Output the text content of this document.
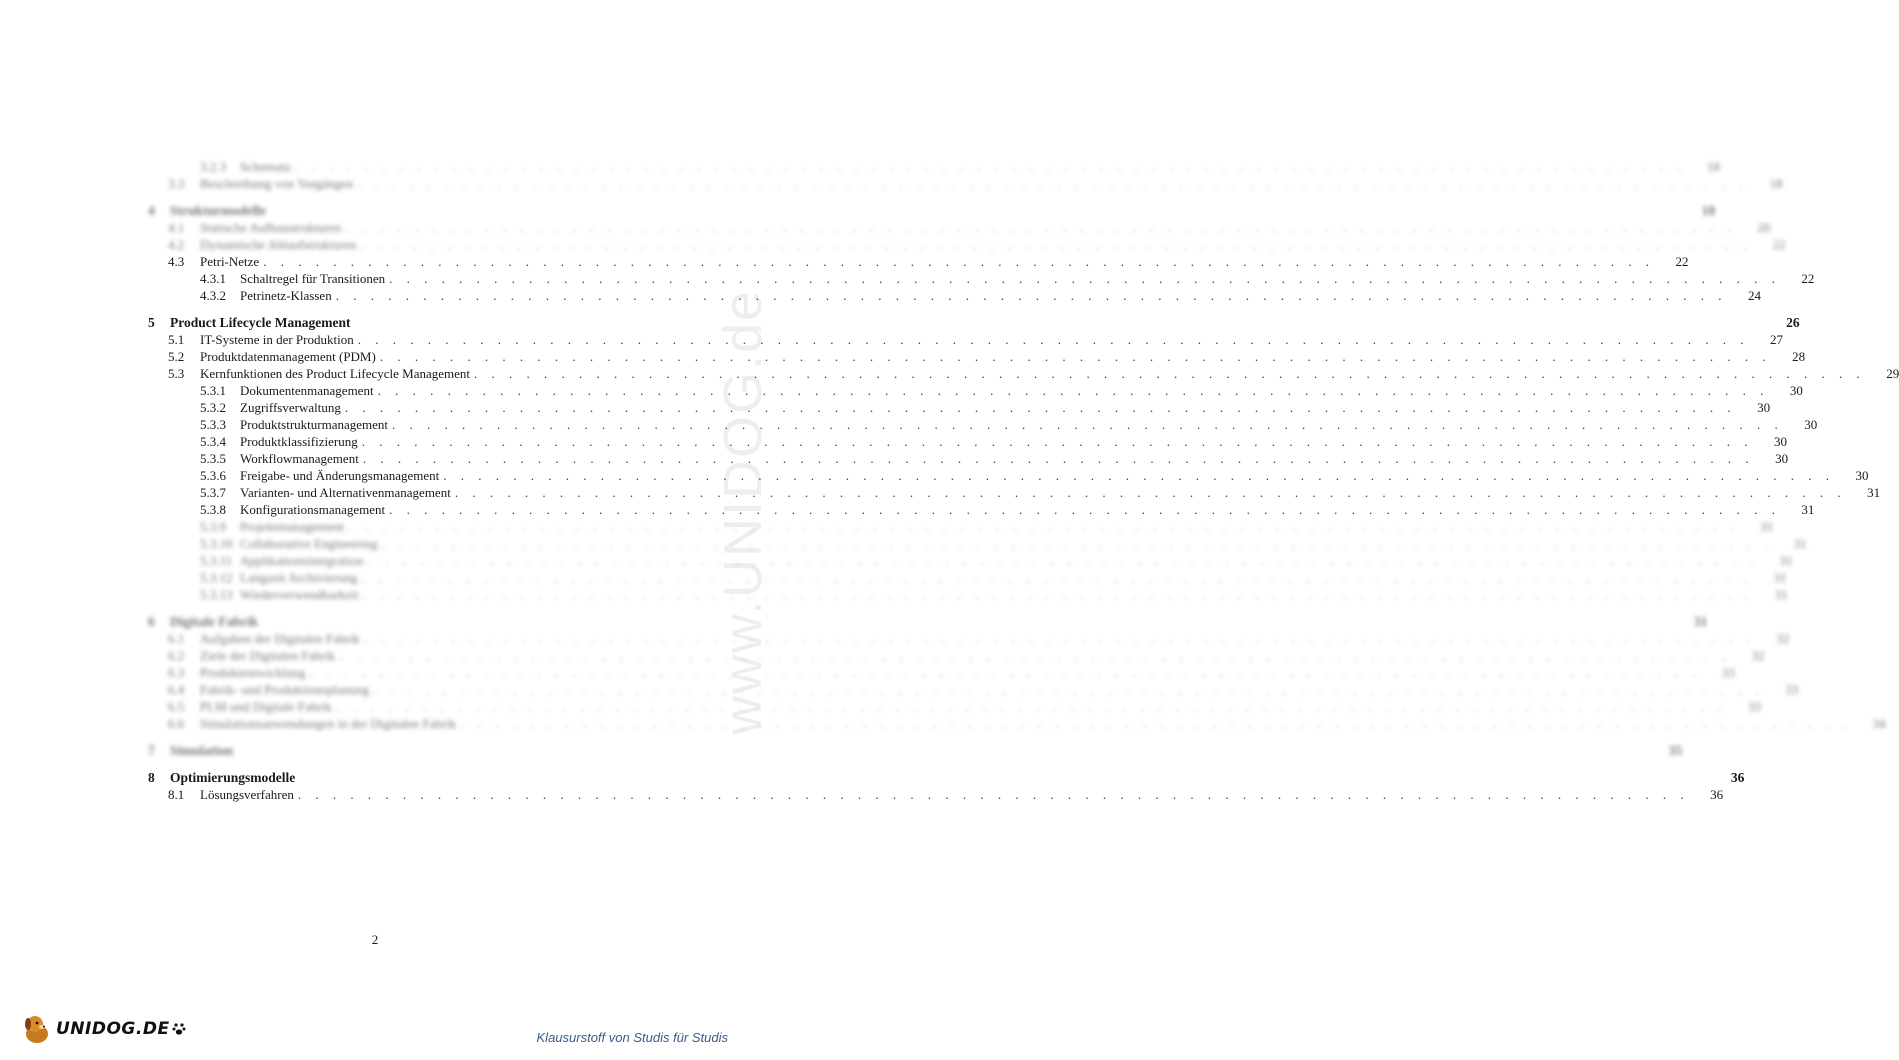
www.UNIDOG.de
3.2.3	Schemata . . . . . . . . . . . . . . . . . . . . . . . . . . . . . . . . . . . . . . . . . . . . . . . . . . . . . . . . . . . . . . . . . . . . . . . . . . . . . . . .	18
3.3	Beschreibung von Vorgängen . . . . . . . . . . . . . . . . . . . . . . . . . . . . . . . . . . . . . . . . . . . . . . . . . . . . . . . . . . . . . . . . . . . . . . . . . . . . . . . .	18
4	Strukturmodelle	18
4.1	Statische Aufbaustrukturen . . . . . . . . . . . . . . . . . . . . . . . . . . . . . . . . . . . . . . . . . . . . . . . . . . . . . . . . . . . . . . . . . . . . . . . . . . . . . . . .	20
4.2	Dynamische Ablaufstrukturen . . . . . . . . . . . . . . . . . . . . . . . . . . . . . . . . . . . . . . . . . . . . . . . . . . . . . . . . . . . . . . . . . . . . . . . . . . . . . . . .	22
4.3	Petri-Netze . . . . . . . . . . . . . . . . . . . . . . . . . . . . . . . . . . . . . . . . . . . . . . . . . . . . . . . . . . . . . . . . . . . . . . . . . . . . . . . .	22
4.3.1	Schaltregel für Transitionen . . . . . . . . . . . . . . . . . . . . . . . . . . . . . . . . . . . . . . . . . . . . . . . . . . . . . . . . . . . . . . . . . . . . . . . . . . . . . . . .	22
4.3.2	Petrinetz-Klassen . . . . . . . . . . . . . . . . . . . . . . . . . . . . . . . . . . . . . . . . . . . . . . . . . . . . . . . . . . . . . . . . . . . . . . . . . . . . . . . .	24
5	Product Lifecycle Management	26
5.1	IT-Systeme in der Produktion . . . . . . . . . . . . . . . . . . . . . . . . . . . . . . . . . . . . . . . . . . . . . . . . . . . . . . . . . . . . . . . . . . . . . . . . . . . . . . . .	27
5.2	Produktdatenmanagement (PDM) . . . . . . . . . . . . . . . . . . . . . . . . . . . . . . . . . . . . . . . . . . . . . . . . . . . . . . . . . . . . . . . . . . . . . . . . . . . . . . . .	28
5.3	Kernfunktionen des Product Lifecycle Management . . . . . . . . . . . . . . . . . . . . . . . . . . . . . . . . . . . . . . . . . . . . . . . . . . . . . . . . . . . . . . . . . . . . . . . . . . . . . . . .	29
5.3.1	Dokumentenmanagement . . . . . . . . . . . . . . . . . . . . . . . . . . . . . . . . . . . . . . . . . . . . . . . . . . . . . . . . . . . . . . . . . . . . . . . . . . . . . . . .	30
5.3.2	Zugriffsverwaltung . . . . . . . . . . . . . . . . . . . . . . . . . . . . . . . . . . . . . . . . . . . . . . . . . . . . . . . . . . . . . . . . . . . . . . . . . . . . . . . .	30
5.3.3	Produktstrukturmanagement . . . . . . . . . . . . . . . . . . . . . . . . . . . . . . . . . . . . . . . . . . . . . . . . . . . . . . . . . . . . . . . . . . . . . . . . . . . . . . . .	30
5.3.4	Produktklassifizierung . . . . . . . . . . . . . . . . . . . . . . . . . . . . . . . . . . . . . . . . . . . . . . . . . . . . . . . . . . . . . . . . . . . . . . . . . . . . . . . .	30
5.3.5	Workflowmanagement . . . . . . . . . . . . . . . . . . . . . . . . . . . . . . . . . . . . . . . . . . . . . . . . . . . . . . . . . . . . . . . . . . . . . . . . . . . . . . . .	30
5.3.6	Freigabe- und Änderungsmanagement . . . . . . . . . . . . . . . . . . . . . . . . . . . . . . . . . . . . . . . . . . . . . . . . . . . . . . . . . . . . . . . . . . . . . . . . . . . . . . . .	30
5.3.7	Varianten- und Alternativenmanagement . . . . . . . . . . . . . . . . . . . . . . . . . . . . . . . . . . . . . . . . . . . . . . . . . . . . . . . . . . . . . . . . . . . . . . . . . . . . . . . .	31
5.3.8	Konfigurationsmanagement . . . . . . . . . . . . . . . . . . . . . . . . . . . . . . . . . . . . . . . . . . . . . . . . . . . . . . . . . . . . . . . . . . . . . . . . . . . . . . . .	31
5.3.9	Projektmanagement . . . . . . . . . . . . . . . . . . . . . . . . . . . . . . . . . . . . . . . . . . . . . . . . . . . . . . . . . . . . . . . . . . . . . . . . . . . . . . . .	31
5.3.10 Collaborative Engineering . . . . . . . . . . . . . . . . . . . . . . . . . . . . . . . . . . . . . . . . . . . . . . . . . . . . . . . . . . . . . . . . . . . . . . . . . . . . . . . .	31
5.3.11 Applikationsintegration . . . . . . . . . . . . . . . . . . . . . . . . . . . . . . . . . . . . . . . . . . . . . . . . . . . . . . . . . . . . . . . . . . . . . . . . . . . . . . . .	31
5.3.12 Langzeit Archivierung . . . . . . . . . . . . . . . . . . . . . . . . . . . . . . . . . . . . . . . . . . . . . . . . . . . . . . . . . . . . . . . . . . . . . . . . . . . . . . . .	31
5.3.13 Wiederverwendbarkeit . . . . . . . . . . . . . . . . . . . . . . . . . . . . . . . . . . . . . . . . . . . . . . . . . . . . . . . . . . . . . . . . . . . . . . . . . . . . . . . .	31
6	Digitale Fabrik	31
6.1	Aufgaben der Digitalen Fabrik . . . . . . . . . . . . . . . . . . . . . . . . . . . . . . . . . . . . . . . . . . . . . . . . . . . . . . . . . . . . . . . . . . . . . . . . . . . . . . . .	32
6.2	Ziele der Digitalen Fabrik . . . . . . . . . . . . . . . . . . . . . . . . . . . . . . . . . . . . . . . . . . . . . . . . . . . . . . . . . . . . . . . . . . . . . . . . . . . . . . . .	32
6.3	Produktentwicklung . . . . . . . . . . . . . . . . . . . . . . . . . . . . . . . . . . . . . . . . . . . . . . . . . . . . . . . . . . . . . . . . . . . . . . . . . . . . . . . .	33
6.4	Fabrik- und Produktionsplanung . . . . . . . . . . . . . . . . . . . . . . . . . . . . . . . . . . . . . . . . . . . . . . . . . . . . . . . . . . . . . . . . . . . . . . . . . . . . . . . .	33
6.5	PLM und Digitale Fabrik . . . . . . . . . . . . . . . . . . . . . . . . . . . . . . . . . . . . . . . . . . . . . . . . . . . . . . . . . . . . . . . . . . . . . . . . . . . . . . . .	33
6.6	Simulationsanwendungen in der Digitalen Fabrik . . . . . . . . . . . . . . . . . . . . . . . . . . . . . . . . . . . . . . . . . . . . . . . . . . . . . . . . . . . . . . . . . . . . . . . . . . . . . . . .	34
7	Simulation	35
8	Optimierungsmodelle	36
8.1	Lösungsverfahren . . . . . . . . . . . . . . . . . . . . . . . . . . . . . . . . . . . . . . . . . . . . . . . . . . . . . . . . . . . . . . . . . . . . . . . . . . . . . . . .	36
2
UNIDOG.DE	Klausurstoff von Studis für Studis
